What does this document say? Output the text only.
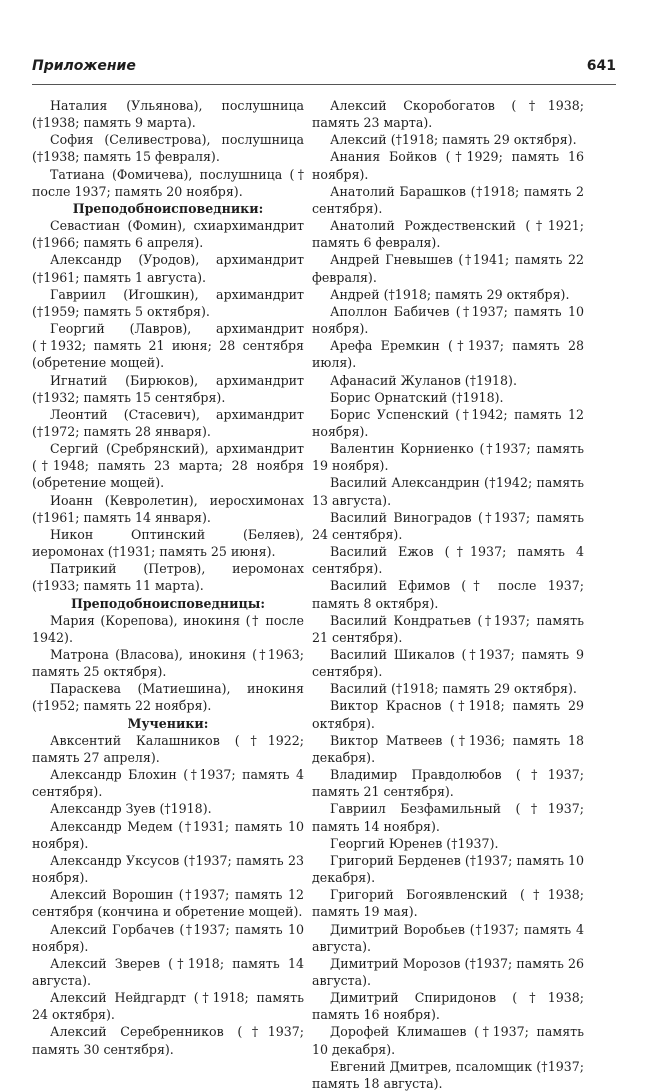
Приложение	641

Наталия (Ульянова), послушница (†1938; память 9 марта).

София (Селивестрова), послушница (†1938; память 15 февраля).

Татиана (Фомичева), послушница († после 1937; память 20 ноября).

Преподобноисповедники:

Севастиан (Фомин), схиархимандрит (†1966; память 6 апреля).

Александр (Уродов), архимандрит (†1961; память 1 августа).

Гавриил (Игошкин), архимандрит (†1959; память 5 октября).

Георгий (Лавров), архимандрит (†1932; память 21 июня; 28 сентября (обретение мощей).

Игнатий (Бирюков), архимандрит (†1932; память 15 сентября).

Леонтий (Стасевич), архимандрит (†1972; память 28 января).

Сергий (Сребрянский), архимандрит (†1948; память 23 марта; 28 ноября (обретение мощей).

Иоанн (Кевролетин), иеросхимонах (†1961; память 14 января).

Никон Оптинский (Беляев), иеромонах (†1931; память 25 июня).

Патрикий (Петров), иеромонах (†1933; память 11 марта).

Преподобноисповедницы:

Мария (Корепова), инокиня († после 1942).

Матрона (Власова), инокиня (†1963; память 25 октября).

Параскева (Матиешина), инокиня (†1952; память 22 ноября).

Мученики:

Авксентий Калашников (†1922; память 27 апреля).

Александр Блохин (†1937; память 4 сентября).

Александр Зуев (†1918).

Александр Медем (†1931; память 10 ноября).

Александр Уксусов (†1937; память 23 ноября).

Алексий Ворошин (†1937; память 12 сентября (кончина и обретение мощей).

Алексий Горбачев (†1937; память 10 ноября).

Алексий Зверев (†1918; память 14 августа).

Алексий Нейдгардт (†1918; память 24 октября).

Алексий Серебренников (†1937; память 30 сентября).

Алексий Скоробогатов (†1938; память 23 марта).

Алексий (†1918; память 29 октября).

Анания Бойков (†1929; память 16 ноября).

Анатолий Барашков (†1918; память 2 сентября).

Анатолий Рождественский (†1921; память 6 февраля).

Андрей Гневышев (†1941; память 22 февраля).

Андрей (†1918; память 29 октября).

Аполлон Бабичев (†1937; память 10 ноября).

Арефа Еремкин (†1937; память 28 июля).

Афанасий Жуланов (†1918).

Борис Орнатский (†1918).

Борис Успенский (†1942; память 12 ноября).

Валентин Корниенко (†1937; память 19 ноября).

Василий Александрин (†1942; память 13 августа).

Василий Виноградов (†1937; память 24 сентября).

Василий Ежов (†1937; память 4 сентября).

Василий Ефимов († после 1937; память 8 октября).

Василий Кондратьев (†1937; память 21 сентября).

Василий Шикалов (†1937; память 9 сентября).

Василий (†1918; память 29 октября).

Виктор Краснов (†1918; память 29 октября).

Виктор Матвеев (†1936; память 18 декабря).

Владимир Правдолюбов (†1937; память 21 сентября).

Гавриил Безфамильный (†1937; память 14 ноября).

Георгий Юренев (†1937).

Григорий Берденев (†1937; память 10 декабря).

Григорий Богоявленский (†1938; память 19 мая).

Димитрий Воробьев (†1937; память 4 августа).

Димитрий Морозов (†1937; память 26 августа).

Димитрий Спиридонов (†1938; память 16 ноября).

Дорофей Климашев (†1937; память 10 декабря).

Евгений Дмитрев, псаломщик (†1937; память 18 августа).
